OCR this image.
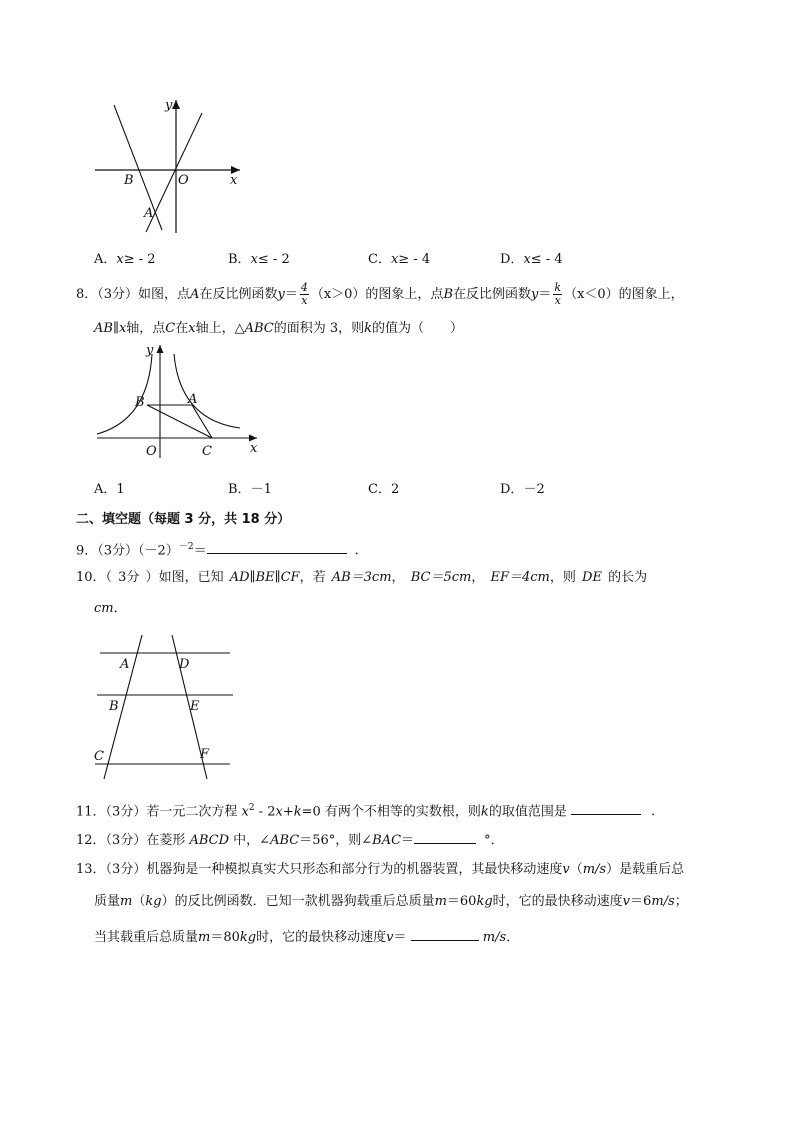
y
x
O
B
A
A．x≥ - 2	B．x≤ - 2	C．x≥ - 4	D．x≤ - 4
8．（3分）如图，点A在反比例函数$y= \frac{4}{x} (x>0)$的图象上，点B在反比例函数$y= \frac{k}{x} (x<0)$的图象上，
AB∥x轴，点C在x轴上，△ABC的面积为 3，则k的值为（　　）
y
x
O
B	A
C
A．1	B．－1	C．2	D．－2
二、填空题（每题 3 分，共 18 分）
9．（3分）$(-2)^{-2}=$	．
10．（ 3分 ）如图，已知 AD∥BE∥CF，若 AB＝3cm， BC＝5cm， EF＝4cm，则 DE 的长为
cm．
A	D
B	E
C	F
11．（3分）若一元二次方程 $x^2 - 2x+k=0$ 有两个不相等的实数根，则k的取值范围是	．
12．（3分）在菱形 ABCD 中，∠ABC＝56°，则∠BAC＝	°．
13．（3分）机器狗是一种模拟真实犬只形态和部分行为的机器装置，其最快移动速度v（m/s）是载重后总
质量m（kg）的反比例函数．已知一款机器狗载重后总质量m＝60kg时，它的最快移动速度v＝6m/s；
当其载重后总质量m＝80kg时，它的最快移动速度v＝	m/s．
